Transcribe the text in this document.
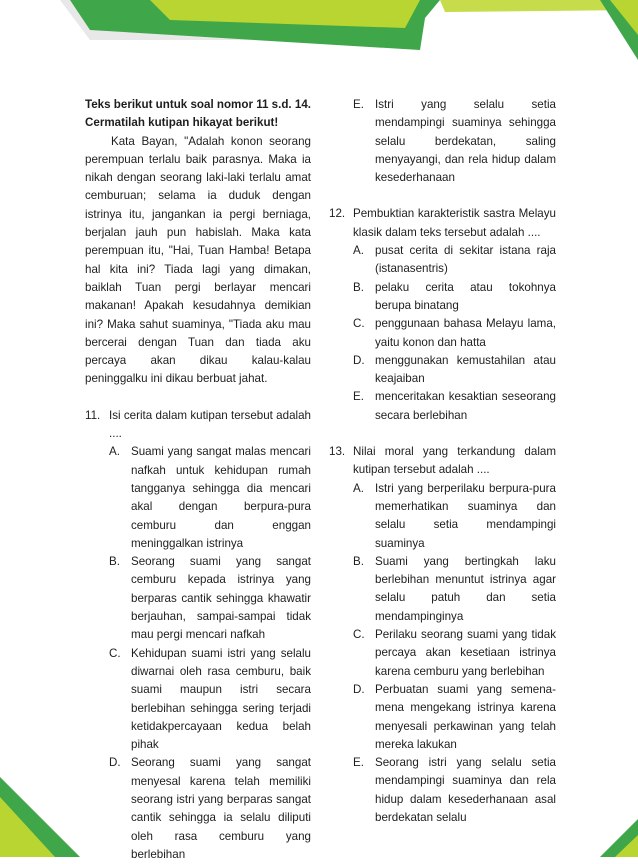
Teks berikut untuk soal nomor 11 s.d. 14. Cermatilah kutipan hikayat berikut!

Kata Bayan, "Adalah konon seorang perempuan terlalu baik parasnya. Maka ia nikah dengan seorang laki-laki terlalu amat cemburuan; selama ia duduk dengan istrinya itu, jangankan ia pergi berniaga, berjalan jauh pun habislah. Maka kata perempuan itu, "Hai, Tuan Hamba! Betapa hal kita ini? Tiada lagi yang dimakan, baiklah Tuan pergi berlayar mencari makanan! Apakah kesudahnya demikian ini? Maka sahut suaminya, "Tiada aku mau bercerai dengan Tuan dan tiada aku percaya akan dikau kalau-kalau peninggalku ini dikau berbuat jahat.

11. Isi cerita dalam kutipan tersebut adalah ....
A. Suami yang sangat malas mencari nafkah untuk kehidupan rumah tangganya sehingga dia mencari akal dengan berpura-pura cemburu dan enggan meninggalkan istrinya
B. Seorang suami yang sangat cemburu kepada istrinya yang berparas cantik sehingga khawatir berjauhan, sampai-sampai tidak mau pergi mencari nafkah
C. Kehidupan suami istri yang selalu diwarnai oleh rasa cemburu, baik suami maupun istri secara berlebihan sehingga sering terjadi ketidakpercayaan kedua belah pihak
D. Seorang suami yang sangat menyesal karena telah memiliki seorang istri yang berparas sangat cantik sehingga ia selalu diliputi oleh rasa cemburu yang berlebihan
E. Istri yang selalu setia mendampingi suaminya sehingga selalu berdekatan, saling menyayangi, dan rela hidup dalam kesederhanaan
12. Pembuktian karakteristik sastra Melayu klasik dalam teks tersebut adalah ....
A. pusat cerita di sekitar istana raja (istanasentris)
B. pelaku cerita atau tokohnya berupa binatang
C. penggunaan bahasa Melayu lama, yaitu konon dan hatta
D. menggunakan kemustahilan atau keajaiban
E. menceritakan kesaktian seseorang secara berlebihan
13. Nilai moral yang terkandung dalam kutipan tersebut adalah ....
A. Istri yang berperilaku berpura-pura memerhatikan suaminya dan selalu setia mendampingi suaminya
B. Suami yang bertingkah laku berlebihan menuntut istrinya agar selalu patuh dan setia mendampinginya
C. Perilaku seorang suami yang tidak percaya akan kesetiaan istrinya karena cemburu yang berlebihan
D. Perbuatan suami yang semena-mena mengekang istrinya karena menyesali perkawinan yang telah mereka lakukan
E. Seorang istri yang selalu setia mendampingi suaminya dan rela hidup dalam kesederhanaan asal berdekatan selalu
